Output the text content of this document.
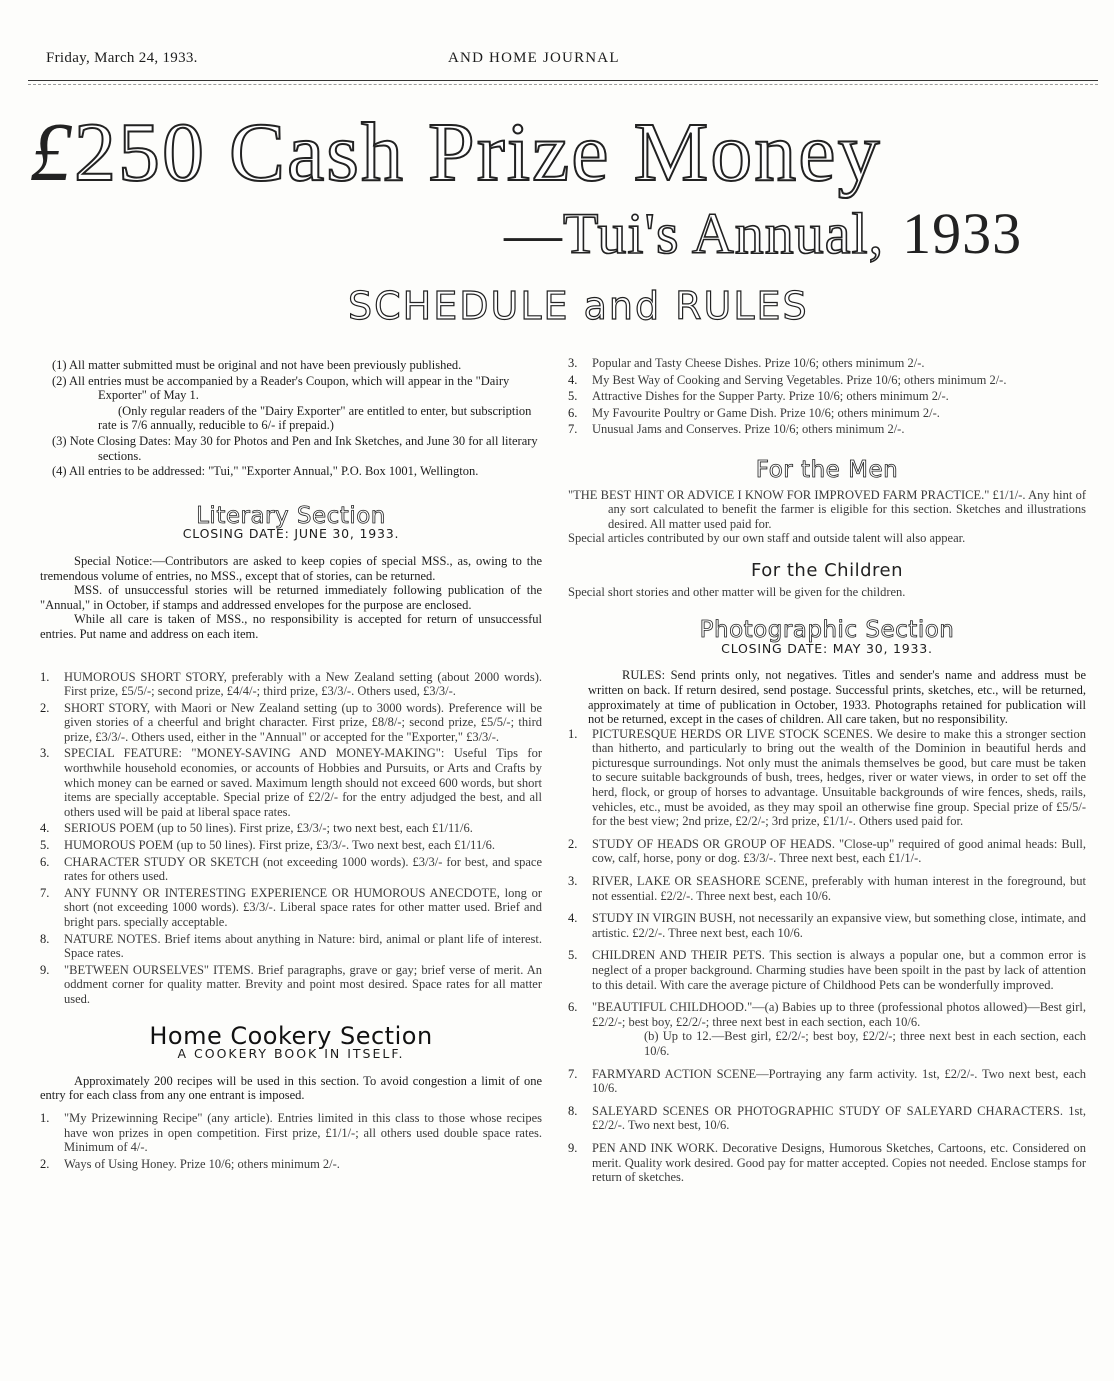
Friday, March 24, 1933.	AND HOME JOURNAL
£250 Cash Prize Money
—Tui's Annual, 1933
SCHEDULE and RULES

(1) All matter submitted must be original and not have been previously published.

(2) All entries must be accompanied by a Reader's Coupon, which will appear in the "Dairy Exporter" of May 1.

(Only regular readers of the "Dairy Exporter" are entitled to enter, but subscription rate is 7/6 annually, reducible to 6/- if prepaid.)

(3) Note Closing Dates: May 30 for Photos and Pen and Ink Sketches, and June 30 for all literary sections.

(4) All entries to be addressed: "Tui," "Exporter Annual," P.O. Box 1001, Wellington.

Literary Section
CLOSING DATE: JUNE 30, 1933.

Special Notice:—Contributors are asked to keep copies of special MSS., as, owing to the tremendous volume of entries, no MSS., except that of stories, can be returned.

MSS. of unsuccessful stories will be returned immediately following publication of the "Annual," in October, if stamps and addressed envelopes for the purpose are enclosed.

While all care is taken of MSS., no responsibility is accepted for return of unsuccessful entries. Put name and address on each item.

1.	HUMOROUS SHORT STORY, preferably with a New Zealand setting (about 2000 words). First prize, £5/5/-; second prize, £4/4/-; third prize, £3/3/-. Others used, £3/3/-.
2.	SHORT STORY, with Maori or New Zealand setting (up to 3000 words). Preference will be given stories of a cheerful and bright character. First prize, £8/8/-; second prize, £5/5/-; third prize, £3/3/-. Others used, either in the "Annual" or accepted for the "Exporter," £3/3/-.
3.	SPECIAL FEATURE: "MONEY-SAVING AND MONEY-MAKING": Useful Tips for worthwhile household economies, or accounts of Hobbies and Pursuits, or Arts and Crafts by which money can be earned or saved. Maximum length should not exceed 600 words, but short items are specially acceptable. Special prize of £2/2/- for the entry adjudged the best, and all others used will be paid at liberal space rates.
4.	SERIOUS POEM (up to 50 lines). First prize, £3/3/-; two next best, each £1/11/6.
5.	HUMOROUS POEM (up to 50 lines). First prize, £3/3/-. Two next best, each £1/11/6.
6.	CHARACTER STUDY OR SKETCH (not exceeding 1000 words). £3/3/- for best, and space rates for others used.
7.	ANY FUNNY OR INTERESTING EXPERIENCE OR HUMOROUS ANECDOTE, long or short (not exceeding 1000 words). £3/3/-. Liberal space rates for other matter used. Brief and bright pars. specially acceptable.
8.	NATURE NOTES. Brief items about anything in Nature: bird, animal or plant life of interest. Space rates.
9.	"BETWEEN OURSELVES" ITEMS. Brief paragraphs, grave or gay; brief verse of merit. An oddment corner for quality matter. Brevity and point most desired. Space rates for all matter used.
Home Cookery Section
A COOKERY BOOK IN ITSELF.

Approximately 200 recipes will be used in this section. To avoid congestion a limit of one entry for each class from any one entrant is imposed.

1.	"My Prizewinning Recipe" (any article). Entries limited in this class to those whose recipes have won prizes in open competition. First prize, £1/1/-; all others used double space rates. Minimum of 4/-.
2.	Ways of Using Honey. Prize 10/6; others minimum 2/-.
3.	Popular and Tasty Cheese Dishes. Prize 10/6; others minimum 2/-.
4.	My Best Way of Cooking and Serving Vegetables. Prize 10/6; others minimum 2/-.
5.	Attractive Dishes for the Supper Party. Prize 10/6; others minimum 2/-.
6.	My Favourite Poultry or Game Dish. Prize 10/6; others minimum 2/-.
7.	Unusual Jams and Conserves. Prize 10/6; others minimum 2/-.
For the Men

"THE BEST HINT OR ADVICE I KNOW FOR IMPROVED FARM PRACTICE." £1/1/-. Any hint of any sort calculated to benefit the farmer is eligible for this section. Sketches and illustrations desired. All matter used paid for.

Special articles contributed by our own staff and outside talent will also appear.

For the Children

Special short stories and other matter will be given for the children.

Photographic Section
CLOSING DATE: MAY 30, 1933.

RULES: Send prints only, not negatives. Titles and sender's name and address must be written on back. If return desired, send postage. Successful prints, sketches, etc., will be returned, approximately at time of publication in October, 1933. Photographs retained for publication will not be returned, except in the cases of children. All care taken, but no responsibility.

1.	PICTURESQUE HERDS OR LIVE STOCK SCENES. We desire to make this a stronger section than hitherto, and particularly to bring out the wealth of the Dominion in beautiful herds and picturesque surroundings. Not only must the animals themselves be good, but care must be taken to secure suitable backgrounds of bush, trees, hedges, river or water views, in order to set off the herd, flock, or group of horses to advantage. Unsuitable backgrounds of wire fences, sheds, rails, vehicles, etc., must be avoided, as they may spoil an otherwise fine group. Special prize of £5/5/- for the best view; 2nd prize, £2/2/-; 3rd prize, £1/1/-. Others used paid for.
2.	STUDY OF HEADS OR GROUP OF HEADS. "Close-up" required of good animal heads: Bull, cow, calf, horse, pony or dog. £3/3/-. Three next best, each £1/1/-.
3.	RIVER, LAKE OR SEASHORE SCENE, preferably with human interest in the foreground, but not essential. £2/2/-. Three next best, each 10/6.
4.	STUDY IN VIRGIN BUSH, not necessarily an expansive view, but something close, intimate, and artistic. £2/2/-. Three next best, each 10/6.
5.	CHILDREN AND THEIR PETS. This section is always a popular one, but a common error is neglect of a proper background. Charming studies have been spoilt in the past by lack of attention to this detail. With care the average picture of Childhood Pets can be wonderfully improved.
6.	"BEAUTIFUL CHILDHOOD."—(a) Babies up to three (professional photos allowed)—Best girl, £2/2/-; best boy, £2/2/-; three next best in each section, each 10/6.
(b) Up to 12.—Best girl, £2/2/-; best boy, £2/2/-; three next best in each section, each 10/6.
7.	FARMYARD ACTION SCENE—Portraying any farm activity. 1st, £2/2/-. Two next best, each 10/6.
8.	SALEYARD SCENES OR PHOTOGRAPHIC STUDY OF SALEYARD CHARACTERS. 1st, £2/2/-. Two next best, 10/6.
9.	PEN AND INK WORK. Decorative Designs, Humorous Sketches, Cartoons, etc. Considered on merit. Quality work desired. Good pay for matter accepted. Copies not needed. Enclose stamps for return of sketches.
